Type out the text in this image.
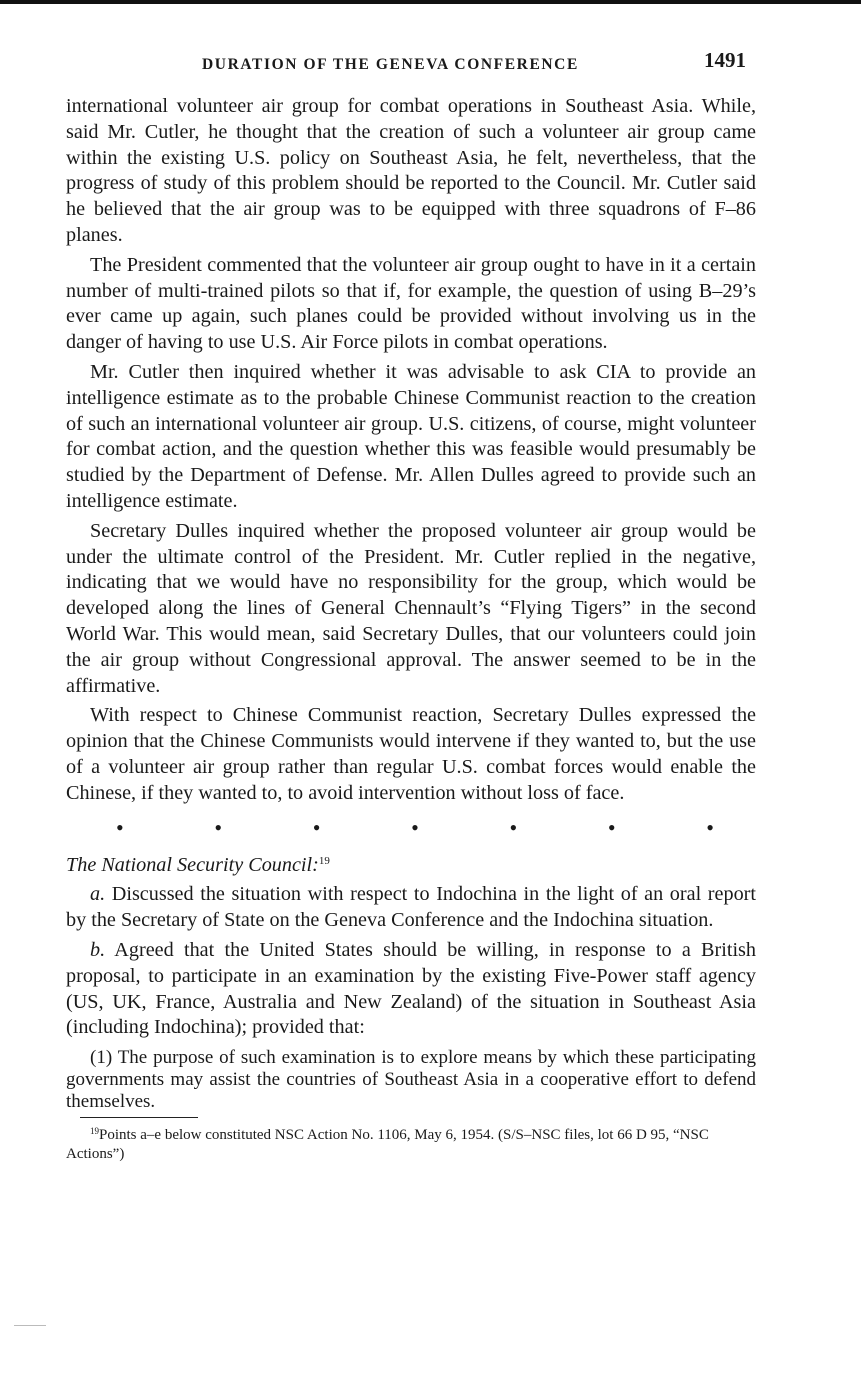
DURATION OF THE GENEVA CONFERENCE	1491

international volunteer air group for combat operations in Southeast Asia. While, said Mr. Cutler, he thought that the creation of such a volunteer air group came within the existing U.S. policy on Southeast Asia, he felt, nevertheless, that the progress of study of this problem should be reported to the Council. Mr. Cutler said he believed that the air group was to be equipped with three squadrons of F–86 planes.

The President commented that the volunteer air group ought to have in it a certain number of multi-trained pilots so that if, for example, the question of using B–29’s ever came up again, such planes could be provided without involving us in the danger of having to use U.S. Air Force pilots in combat operations.

Mr. Cutler then inquired whether it was advisable to ask CIA to provide an intelligence estimate as to the probable Chinese Communist reaction to the creation of such an international volunteer air group. U.S. citizens, of course, might volunteer for combat action, and the question whether this was feasible would presumably be studied by the Department of Defense. Mr. Allen Dulles agreed to provide such an intelligence estimate.

Secretary Dulles inquired whether the proposed volunteer air group would be under the ultimate control of the President. Mr. Cutler replied in the negative, indicating that we would have no responsibility for the group, which would be developed along the lines of General Chennault’s “Flying Tigers” in the second World War. This would mean, said Secretary Dulles, that our volunteers could join the air group without Congressional approval. The answer seemed to be in the affirmative.

With respect to Chinese Communist reaction, Secretary Dulles expressed the opinion that the Chinese Communists would intervene if they wanted to, but the use of a volunteer air group rather than regular U.S. combat forces would enable the Chinese, if they wanted to, to avoid intervention without loss of face.

•	•	•	•	•	•	•

The National Security Council:$^{19}$

a. Discussed the situation with respect to Indochina in the light of an oral report by the Secretary of State on the Geneva Conference and the Indochina situation.

b. Agreed that the United States should be willing, in response to a British proposal, to participate in an examination by the existing Five-Power staff agency (US, UK, France, Australia and New Zealand) of the situation in Southeast Asia (including Indochina); provided that:

(1) The purpose of such examination is to explore means by which these participating governments may assist the countries of Southeast Asia in a cooperative effort to defend themselves.

$^{19}$Points a–e below constituted NSC Action No. 1106, May 6, 1954. (S/S–NSC files, lot 66 D 95, “NSC Actions”)
